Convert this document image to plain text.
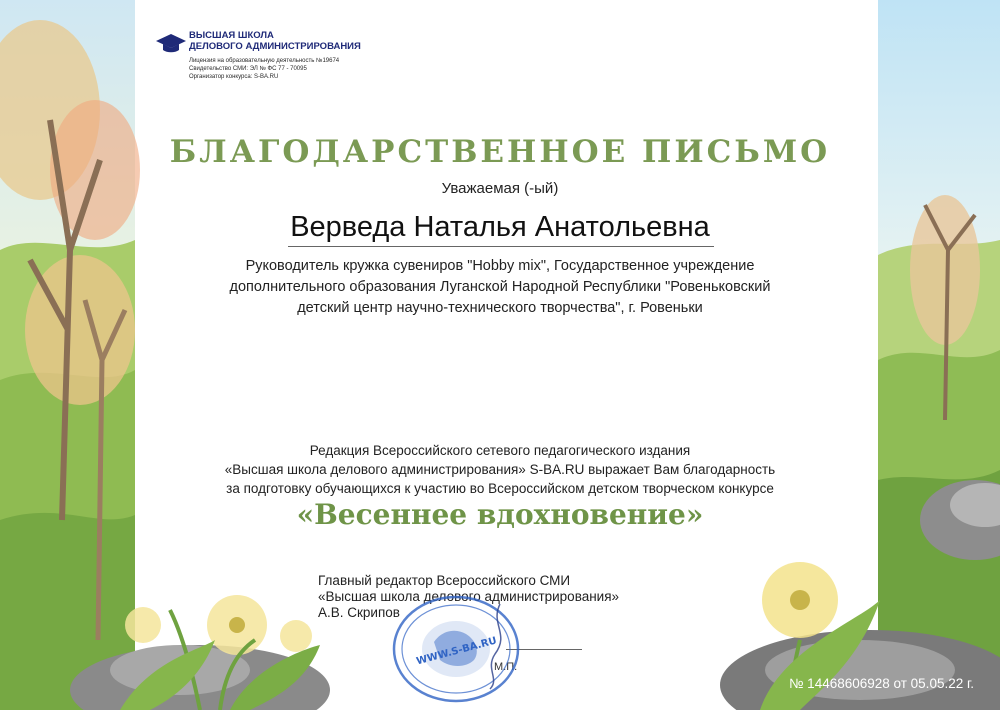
ВЫСШАЯ ШКОЛА
ДЕЛОВОГО АДМИНИСТРИРОВАНИЯ
Лицензия на образовательную деятельность №19674
Свидетельство СМИ: ЭЛ № ФС 77 - 70095
Организатор конкурса: S-BA.RU
БЛАГОДАРСТВЕННОЕ ПИСЬМО
Уважаемая (-ый)
Верведа Наталья Анатольевна
Руководитель кружка сувениров "Hobby mix", Государственное учреждение
дополнительного образования Луганской Народной Республики "Ровеньковский
детский центр научно-технического творчества", г. Ровеньки
Редакция Всероссийского сетевого педагогического издания
«Высшая школа делового администрирования» S-BA.RU выражает Вам благодарность
за подготовку обучающихся к участию во Всероссийском детском творческом конкурсе
«Весеннее вдохновение»
Главный редактор Всероссийского СМИ
«Высшая школа делового администрирования»
А.В. Скрипов
М.П.
WWW.S-BA.RU
№ 14468606928 от 05.05.22 г.
